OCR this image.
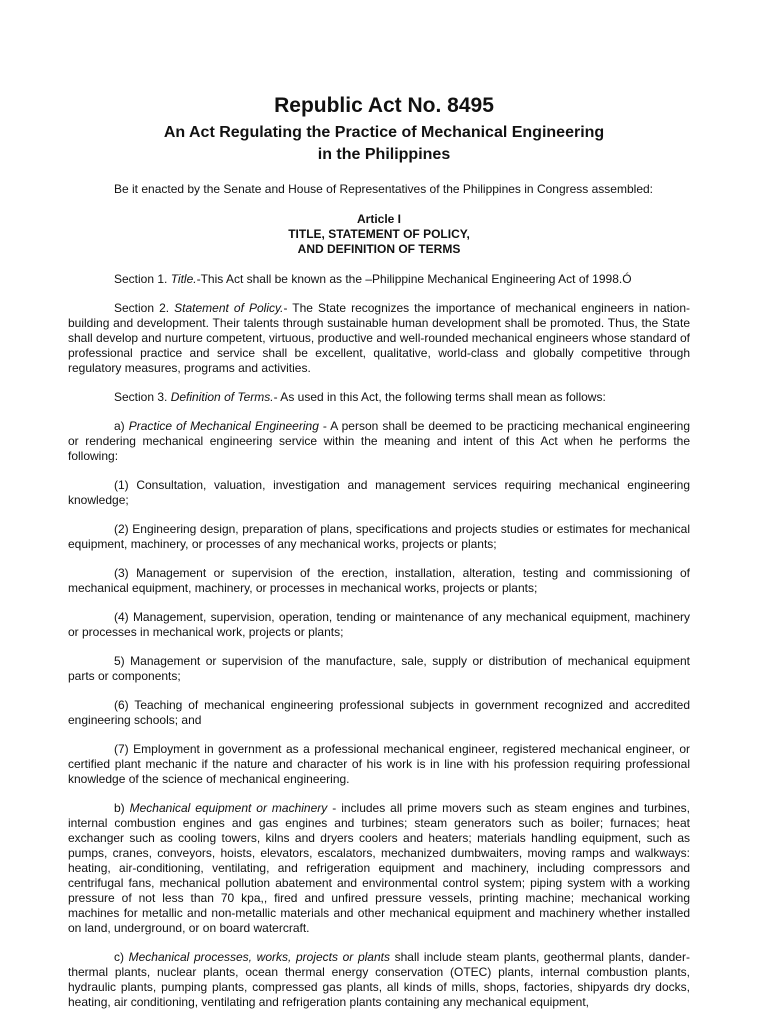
Republic Act No. 8495
An Act Regulating the Practice of Mechanical Engineering
in the Philippines

Be it enacted by the Senate and House of Representatives of the Philippines in Congress assembled:

Article I
TITLE, STATEMENT OF POLICY,
AND DEFINITION OF TERMS

Section 1. Title.-This Act shall be known as the –Philippine Mechanical Engineering Act of 1998.Ó

Section 2. Statement of Policy.- The State recognizes the importance of mechanical engineers in nation- building and development. Their talents through sustainable human development shall be promoted. Thus, the State shall develop and nurture competent, virtuous, productive and well-rounded mechanical engineers whose standard of professional practice and service shall be excellent, qualitative, world-class and globally competitive through regulatory measures, programs and activities.

Section 3. Definition of Terms.- As used in this Act, the following terms shall mean as follows:

a) Practice of Mechanical Engineering - A person shall be deemed to be practicing mechanical engineering or rendering mechanical engineering service within the meaning and intent of this Act when he performs the following:

(1) Consultation, valuation, investigation and management services requiring mechanical engineering knowledge;

(2) Engineering design, preparation of plans, specifications and projects studies or estimates for mechanical equipment, machinery, or processes of any mechanical works, projects or plants;

(3) Management or supervision of the erection, installation, alteration, testing and commissioning of mechanical equipment, machinery, or processes in mechanical works, projects or plants;

(4) Management, supervision, operation, tending or maintenance of any mechanical equipment, machinery or processes in mechanical work, projects or plants;

5) Management or supervision of the manufacture, sale, supply or distribution of mechanical equipment parts or components;

(6) Teaching of mechanical engineering professional subjects in government recognized and accredited engineering schools; and

(7) Employment in government as a professional mechanical engineer, registered mechanical engineer, or certified plant mechanic if the nature and character of his work is in line with his profession requiring professional knowledge of the science of mechanical engineering.

b) Mechanical equipment or machinery - includes all prime movers such as steam engines and turbines, internal combustion engines and gas engines and turbines; steam generators such as boiler; furnaces; heat exchanger such as cooling towers, kilns and dryers coolers and heaters; materials handling equipment, such as pumps, cranes, conveyors, hoists, elevators, escalators, mechanized dumbwaiters, moving ramps and walkways: heating, air-conditioning, ventilating, and refrigeration equipment and machinery, including compressors and centrifugal fans, mechanical pollution abatement and environmental control system; piping system with a working pressure of not less than 70 kpa,, fired and unfired pressure vessels, printing machine; mechanical working machines for metallic and non-metallic materials and other mechanical equipment and machinery whether installed on land, underground, or on board watercraft.

c) Mechanical processes, works, projects or plants shall include steam plants, geothermal plants, dander-thermal plants, nuclear plants, ocean thermal energy conservation (OTEC) plants, internal combustion plants, hydraulic plants, pumping plants, compressed gas plants, all kinds of mills, shops, factories, shipyards dry docks, heating, air conditioning, ventilating and refrigeration plants containing any mechanical equipment,
